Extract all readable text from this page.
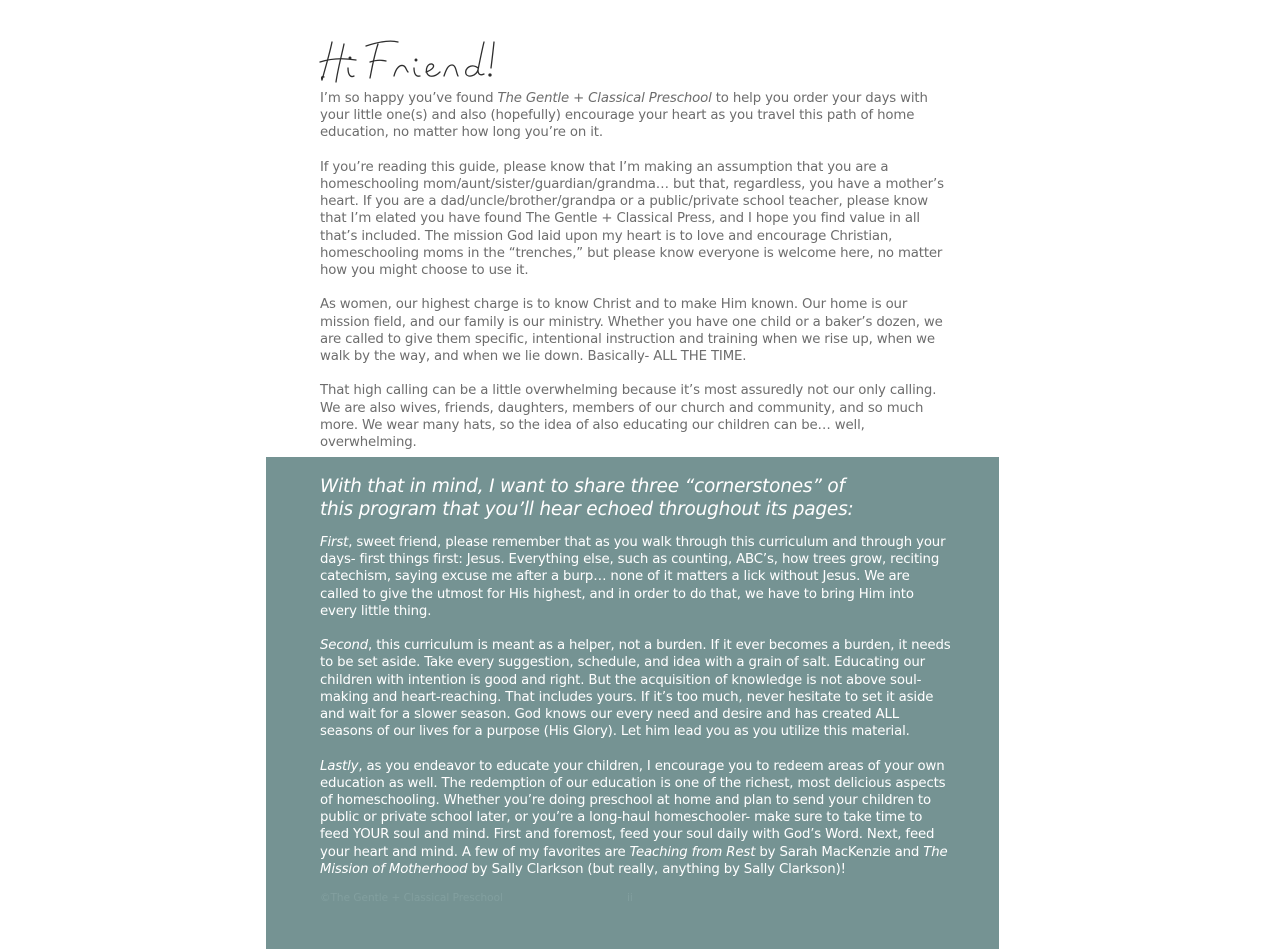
I’m so happy you’ve found The Gentle + Classical Preschool to help you order your days with your little one(s) and also (hopefully) encourage your heart as you travel this path of home education, no matter how long you’re on it.

If you’re reading this guide, please know that I’m making an assumption that you are a homeschooling mom/aunt/sister/guardian/grandma… but that, regardless, you have a mother’s heart. If you are a dad/uncle/brother/grandpa or a public/private school teacher, please know that I’m elated you have found The Gentle + Classical Press, and I hope you find value in all that’s included. The mission God laid upon my heart is to love and encourage Christian, homeschooling moms in the “trenches,” but please know everyone is welcome here, no matter how you might choose to use it.

As women, our highest charge is to know Christ and to make Him known. Our home is our mission field, and our family is our ministry. Whether you have one child or a baker’s dozen, we are called to give them specific, intentional instruction and training when we rise up, when we walk by the way, and when we lie down. Basically- ALL THE TIME.

That high calling can be a little overwhelming because it’s most assuredly not our only calling. We are also wives, friends, daughters, members of our church and community, and so much more. We wear many hats, so the idea of also educating our children can be… well, overwhelming.

With that in mind, I want to share three “cornerstones” of this program that you’ll hear echoed throughout its pages:

First, sweet friend, please remember that as you walk through this curriculum and through your days- first things first: Jesus. Everything else, such as counting, ABC’s, how trees grow, reciting catechism, saying excuse me after a burp… none of it matters a lick without Jesus. We are called to give the utmost for His highest, and in order to do that, we have to bring Him into every little thing.

Second, this curriculum is meant as a helper, not a burden. If it ever becomes a burden, it needs to be set aside. Take every suggestion, schedule, and idea with a grain of salt. Educating our children with intention is good and right. But the acquisition of knowledge is not above soul-making and heart-reaching. That includes yours. If it’s too much, never hesitate to set it aside and wait for a slower season. God knows our every need and desire and has created ALL seasons of our lives for a purpose (His Glory). Let him lead you as you utilize this material.

Lastly, as you endeavor to educate your children, I encourage you to redeem areas of your own education as well. The redemption of our education is one of the richest, most delicious aspects of homeschooling. Whether you’re doing preschool at home and plan to send your children to public or private school later, or you’re a long-haul homeschooler- make sure to take time to feed YOUR soul and mind. First and foremost, feed your soul daily with God’s Word. Next, feed your heart and mind. A few of my favorites are Teaching from Rest by Sarah MacKenzie and The Mission of Motherhood by Sally Clarkson (but really, anything by Sally Clarkson)!

©The Gentle + Classical Preschool	ii
